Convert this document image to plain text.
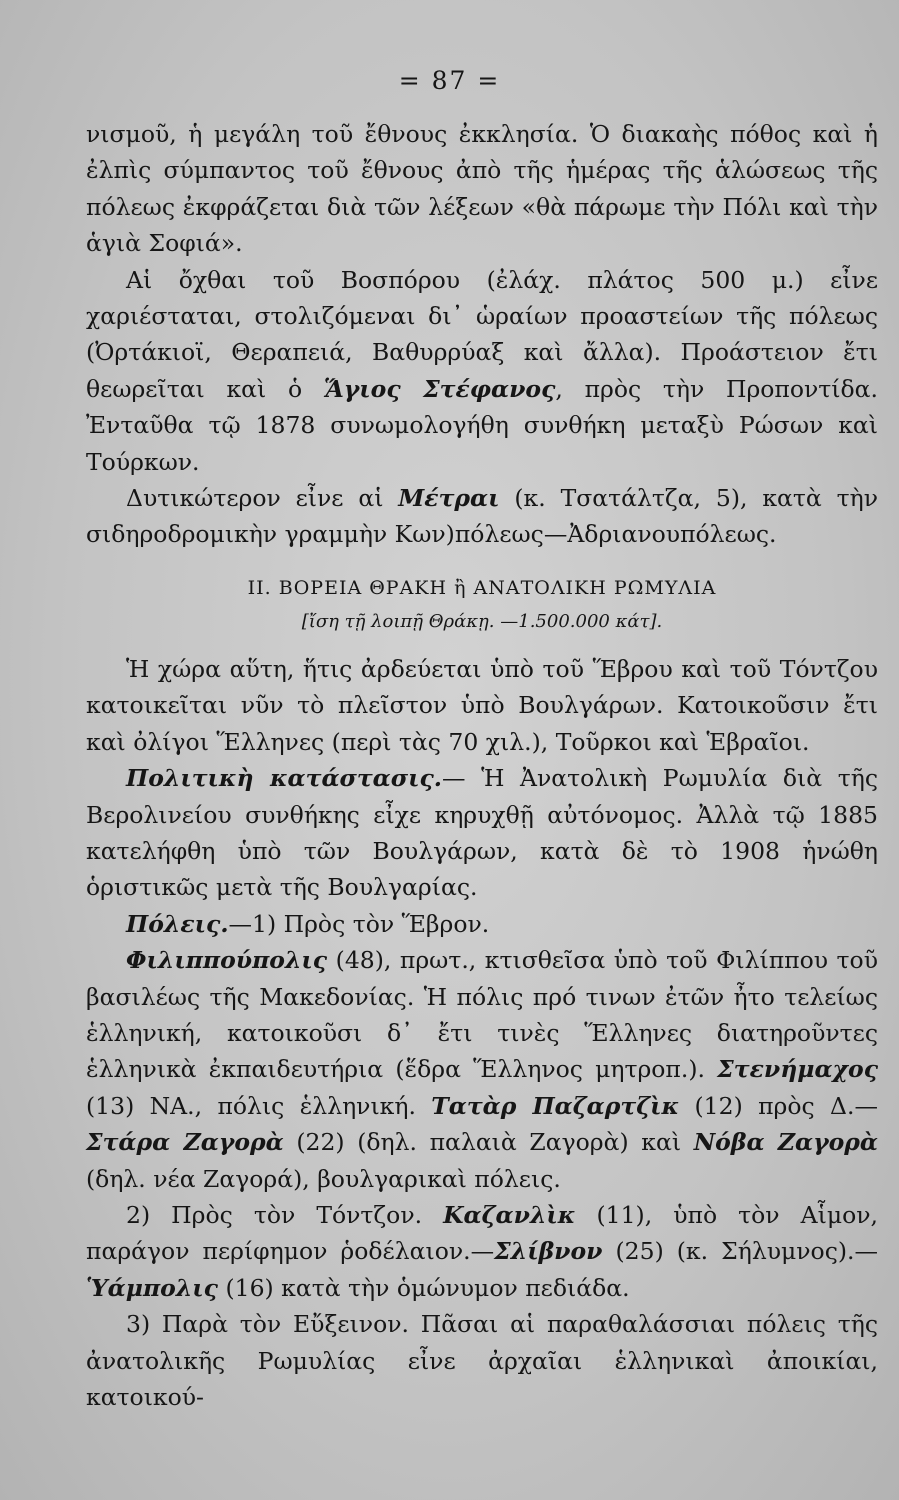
= 87 =

νισμοῦ, ἡ μεγάλη τοῦ ἔθνους ἐκκλησία. Ὁ διακαὴς πόθος καὶ ἡ ἐλπὶς σύμπαντος τοῦ ἔθνους ἀπὸ τῆς ἡμέρας τῆς ἁλώσεως τῆς πόλεως ἐκφράζεται διὰ τῶν λέξεων «θὰ πάρωμε τὴν Πόλι καὶ τὴν ἁγιὰ Σοφιά».

Αἱ ὄχθαι τοῦ Βοσπόρου (ἐλάχ. πλάτος 500 μ.) εἶνε χαριέσταται, στολιζόμεναι δι᾽ ὡραίων προαστείων τῆς πόλεως (Ὀρτάκιοϊ, Θεραπειά, Βαθυρρύαξ καὶ ἄλλα). Προάστειον ἔτι θεωρεῖται καὶ ὁ Ἅγιος Στέφανος, πρὸς τὴν Προποντίδα. Ἐνταῦθα τῷ 1878 συνωμολογήθη συνθήκη μεταξὺ Ρώσων καὶ Τούρκων.

Δυτικώτερον εἶνε αἱ Μέτραι (κ. Τσατάλτζα, 5), κατὰ τὴν σιδηροδρομικὴν γραμμὴν Κων)πόλεως—Ἀδριανουπόλεως.

ΙΙ. ΒΟΡΕΙΑ ΘΡΑΚΗ ἢ ΑΝΑΤΟΛΙΚΗ ΡΩΜΥΛΙΑ

[ἴση τῇ λοιπῇ Θράκῃ. —1.500.000 κάτ].

Ἡ χώρα αὕτη, ἥτις ἀρδεύεται ὑπὸ τοῦ Ἕβρου καὶ τοῦ Τόντζου κατοικεῖται νῦν τὸ πλεῖστον ὑπὸ Βουλγάρων. Κατοικοῦσιν ἔτι καὶ ὀλίγοι Ἕλληνες (περὶ τὰς 70 χιλ.), Τοῦρκοι καὶ Ἑβραῖοι.

Πολιτικὴ κατάστασις.— Ἡ Ἀνατολικὴ Ρωμυλία διὰ τῆς Βερολινείου συνθήκης εἶχε κηρυχθῇ αὐτόνομος. Ἀλλὰ τῷ 1885 κατελήφθη ὑπὸ τῶν Βουλγάρων, κατὰ δὲ τὸ 1908 ἡνώθη ὁριστικῶς μετὰ τῆς Βουλγαρίας.

Πόλεις.—1) Πρὸς τὸν Ἕβρον.

Φιλιππούπολις (48), πρωτ., κτισθεῖσα ὑπὸ τοῦ Φιλίππου τοῦ βασιλέως τῆς Μακεδονίας. Ἡ πόλις πρό τινων ἐτῶν ἦτο τελείως ἑλληνική, κατοικοῦσι δ᾽ ἔτι τινὲς Ἕλληνες διατηροῦντες ἑλληνικὰ ἐκπαιδευτήρια (ἕδρα Ἕλληνος μητροπ.). Στενήμαχος (13) ΝΑ., πόλις ἑλληνική. Τατὰρ Παζαρτζὶκ (12) πρὸς Δ.—Στάρα Ζαγορὰ (22) (δηλ. παλαιὰ Ζαγορὰ) καὶ Νόβα Ζαγορὰ (δηλ. νέα Ζαγορά), βουλγαρικαὶ πόλεις.

2) Πρὸς τὸν Τόντζον. Καζανλὶκ (11), ὑπὸ τὸν Αἷμον, παράγον περίφημον ῥοδέλαιον.—Σλίβνον (25) (κ. Σήλυμνος).—Ὑάμπολις (16) κατὰ τὴν ὁμώνυμον πεδιάδα.

3) Παρὰ τὸν Εὔξεινον. Πᾶσαι αἱ παραθαλάσσιαι πόλεις τῆς ἀνατολικῆς Ρωμυλίας εἶνε ἀρχαῖαι ἑλληνικαὶ ἀποικίαι, κατοικού-
